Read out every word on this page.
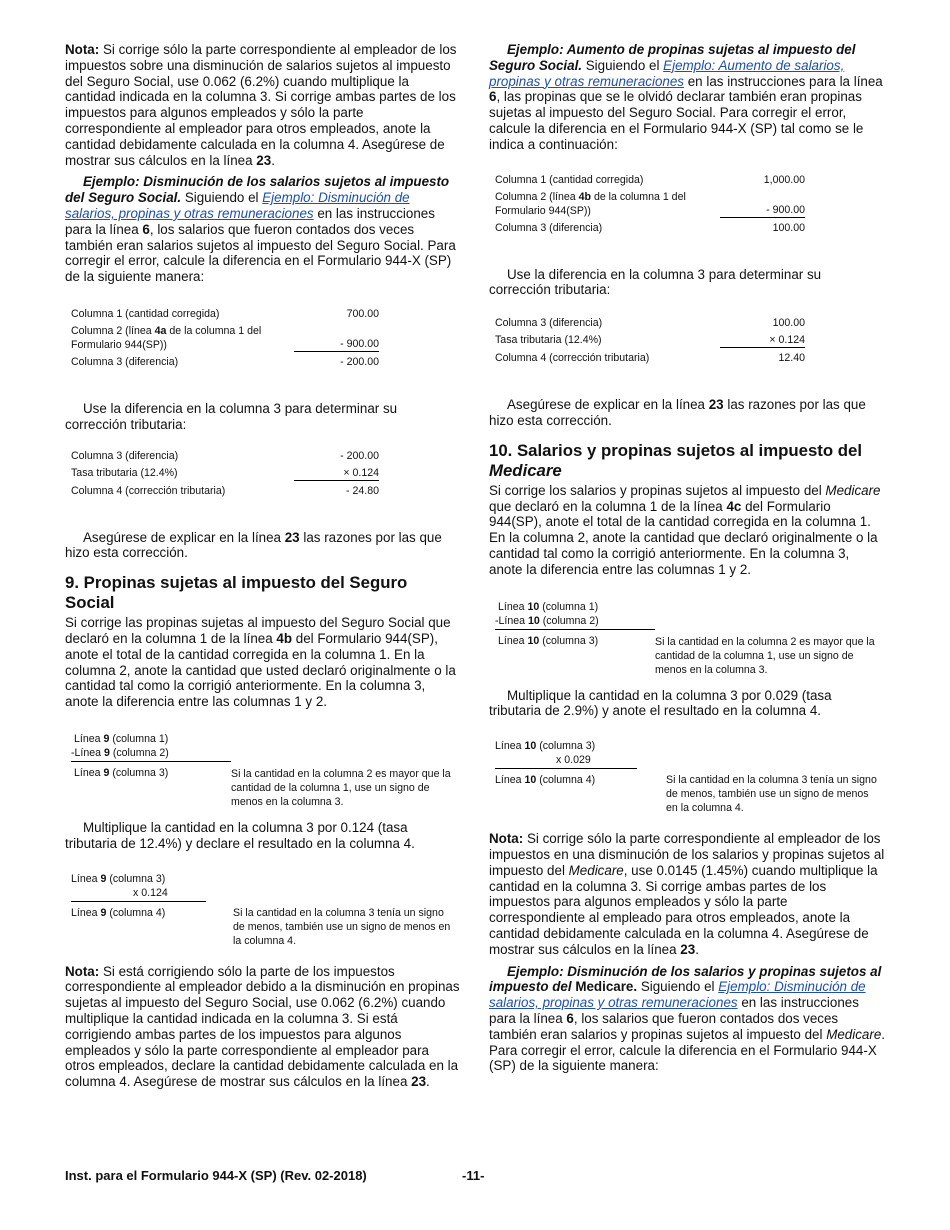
Nota: Si corrige sólo la parte correspondiente al empleador de los impuestos sobre una disminución de salarios sujetos al impuesto del Seguro Social, use 0.062 (6.2%) cuando multiplique la cantidad indicada en la columna 3. Si corrige ambas partes de los impuestos para algunos empleados y sólo la parte correspondiente al empleador para otros empleados, anote la cantidad debidamente calculada en la columna 4. Asegúrese de mostrar sus cálculos en la línea 23.

Ejemplo: Disminución de los salarios sujetos al impuesto del Seguro Social. Siguiendo el Ejemplo: Disminución de salarios, propinas y otras remuneraciones en las instrucciones para la línea 6, los salarios que fueron contados dos veces también eran salarios sujetos al impuesto del Seguro Social. Para corregir el error, calcule la diferencia en el Formulario 944-X (SP) de la siguiente manera:

Columna 1 (cantidad corregida)	700.00
Columna 2 (línea 4a de la columna 1 del Formulario 944(SP))	- 900.00
Columna 3 (diferencia)	- 200.00

Use la diferencia en la columna 3 para determinar su corrección tributaria:

Columna 3 (diferencia)	- 200.00
Tasa tributaria (12.4%)	× 0.124
Columna 4 (corrección tributaria)	- 24.80

Asegúrese de explicar en la línea 23 las razones por las que hizo esta corrección.

9. Propinas sujetas al impuesto del Seguro Social

Si corrige las propinas sujetas al impuesto del Seguro Social que declaró en la columna 1 de la línea 4b del Formulario 944(SP), anote el total de la cantidad corregida en la columna 1. En la columna 2, anote la cantidad que usted declaró originalmente o la cantidad tal como la corrigió anteriormente. En la columna 3, anote la diferencia entre las columnas 1 y 2.

Línea 9 (columna 1)
-Línea 9 (columna 2)
Línea 9 (columna 3)	Si la cantidad en la columna 2 es mayor que la cantidad de la columna 1, use un signo de menos en la columna 3.

Multiplique la cantidad en la columna 3 por 0.124 (tasa tributaria de 12.4%) y declare el resultado en la columna 4.

Línea 9 (columna 3)
x 0.124
Línea 9 (columna 4)	Si la cantidad en la columna 3 tenía un signo de menos, también use un signo de menos en la columna 4.

Nota: Si está corrigiendo sólo la parte de los impuestos correspondiente al empleador debido a la disminución en propinas sujetas al impuesto del Seguro Social, use 0.062 (6.2%) cuando multiplique la cantidad indicada en la columna 3. Si está corrigiendo ambas partes de los impuestos para algunos empleados y sólo la parte correspondiente al empleador para otros empleados, declare la cantidad debidamente calculada en la columna 4. Asegúrese de mostrar sus cálculos en la línea 23.

Ejemplo: Aumento de propinas sujetas al impuesto del Seguro Social. Siguiendo el Ejemplo: Aumento de salarios, propinas y otras remuneraciones en las instrucciones para la línea 6, las propinas que se le olvidó declarar también eran propinas sujetas al impuesto del Seguro Social. Para corregir el error, calcule la diferencia en el Formulario 944-X (SP) tal como se le indica a continuación:

Columna 1 (cantidad corregida)	1,000.00
Columna 2 (línea 4b de la columna 1 del Formulario 944(SP))	- 900.00
Columna 3 (diferencia)	100.00

Use la diferencia en la columna 3 para determinar su corrección tributaria:

Columna 3 (diferencia)	100.00
Tasa tributaria (12.4%)	× 0.124
Columna 4 (corrección tributaria)	12.40

Asegúrese de explicar en la línea 23 las razones por las que hizo esta corrección.

10. Salarios y propinas sujetos al impuesto del Medicare

Si corrige los salarios y propinas sujetos al impuesto del Medicare que declaró en la columna 1 de la línea 4c del Formulario 944(SP), anote el total de la cantidad corregida en la columna 1. En la columna 2, anote la cantidad que declaró originalmente o la cantidad tal como la corrigió anteriormente. En la columna 3, anote la diferencia entre las columnas 1 y 2.

Línea 10 (columna 1)
-Línea 10 (columna 2)
Línea 10 (columna 3)	Si la cantidad en la columna 2 es mayor que la cantidad de la columna 1, use un signo de menos en la columna 3.

Multiplique la cantidad en la columna 3 por 0.029 (tasa tributaria de 2.9%) y anote el resultado en la columna 4.

Línea 10 (columna 3)
x 0.029
Línea 10 (columna 4)	Si la cantidad en la columna 3 tenía un signo de menos, también use un signo de menos en la columna 4.

Nota: Si corrige sólo la parte correspondiente al empleador de los impuestos en una disminución de los salarios y propinas sujetos al impuesto del Medicare, use 0.0145 (1.45%) cuando multiplique la cantidad en la columna 3. Si corrige ambas partes de los impuestos para algunos empleados y sólo la parte correspondiente al empleado para otros empleados, anote la cantidad debidamente calculada en la columna 4. Asegúrese de mostrar sus cálculos en la línea 23.

Ejemplo: Disminución de los salarios y propinas sujetos al impuesto del Medicare. Siguiendo el Ejemplo: Disminución de salarios, propinas y otras remuneraciones en las instrucciones para la línea 6, los salarios que fueron contados dos veces también eran salarios y propinas sujetos al impuesto del Medicare. Para corregir el error, calcule la diferencia en el Formulario 944-X (SP) de la siguiente manera:

Inst. para el Formulario 944-X (SP) (Rev. 02-2018)	-11-
